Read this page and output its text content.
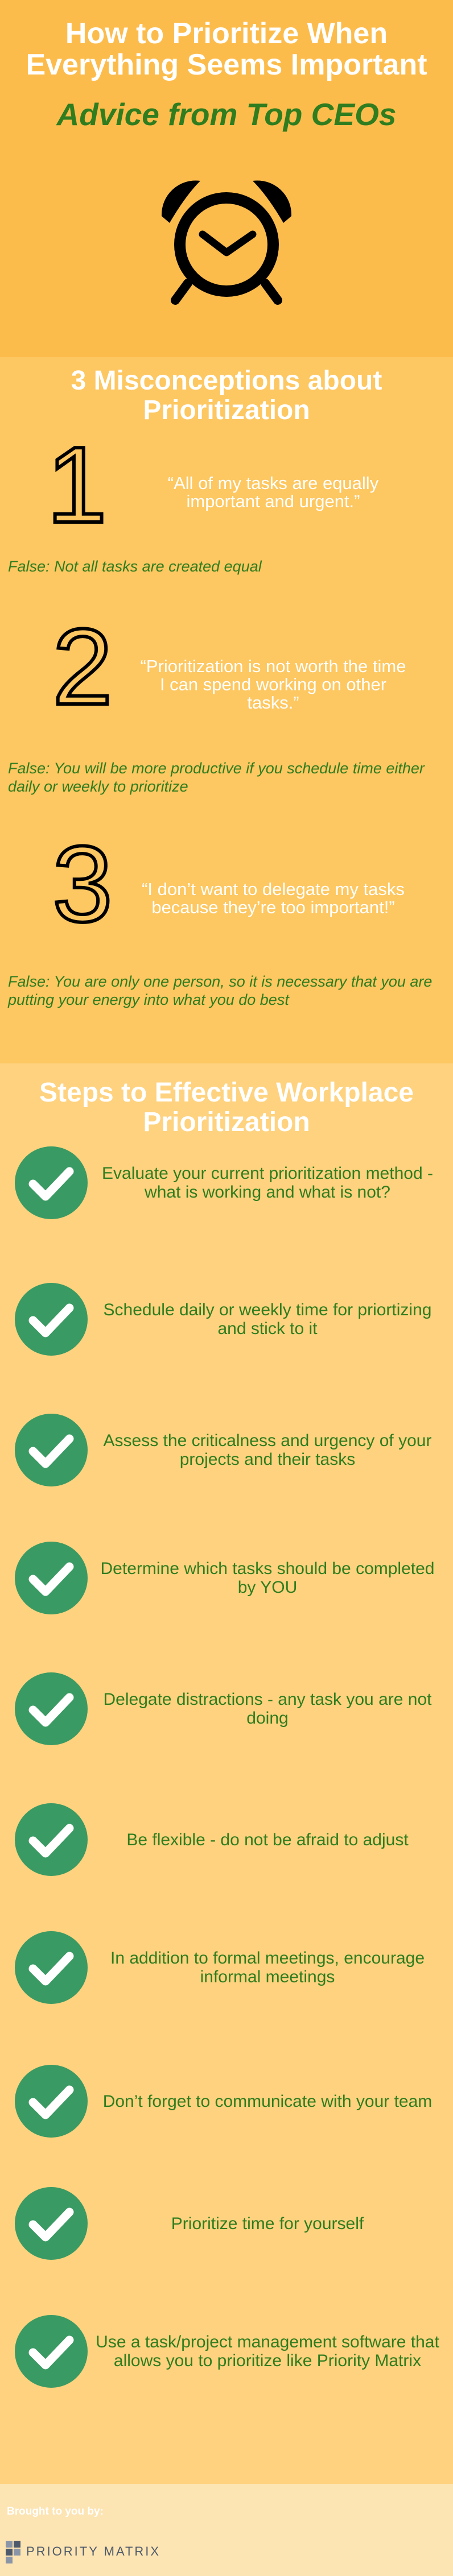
How to Prioritize When Everything Seems Important
Advice from Top CEOs
3 Misconceptions about Prioritization
1	“All of my tasks are equally important and urgent.”
False: Not all tasks are created equal
2 “Prioritization is not worth the time I can spend working on other tasks.”
False: You will be more productive if you schedule time either daily or weekly to prioritize
3 “I don’t want to delegate my tasks because they’re too important!”
False: You are only one person, so it is necessary that you are putting your energy into what you do best
Steps to Effective Workplace Prioritization
Evaluate your current prioritization method - what is working and what is not?
Schedule daily or weekly time for priortizing and stick to it
Assess the criticalness and urgency of your projects and their tasks
Determine which tasks should be completed by YOU
Delegate distractions - any task you are not doing
Be flexible - do not be afraid to adjust
In addition to formal meetings, encourage informal meetings
Don’t forget to communicate with your team
Prioritize time for yourself
Use a task/project management software that allows you to prioritize like Priority Matrix
Brought to you by:
PRIORITY MATRIX
